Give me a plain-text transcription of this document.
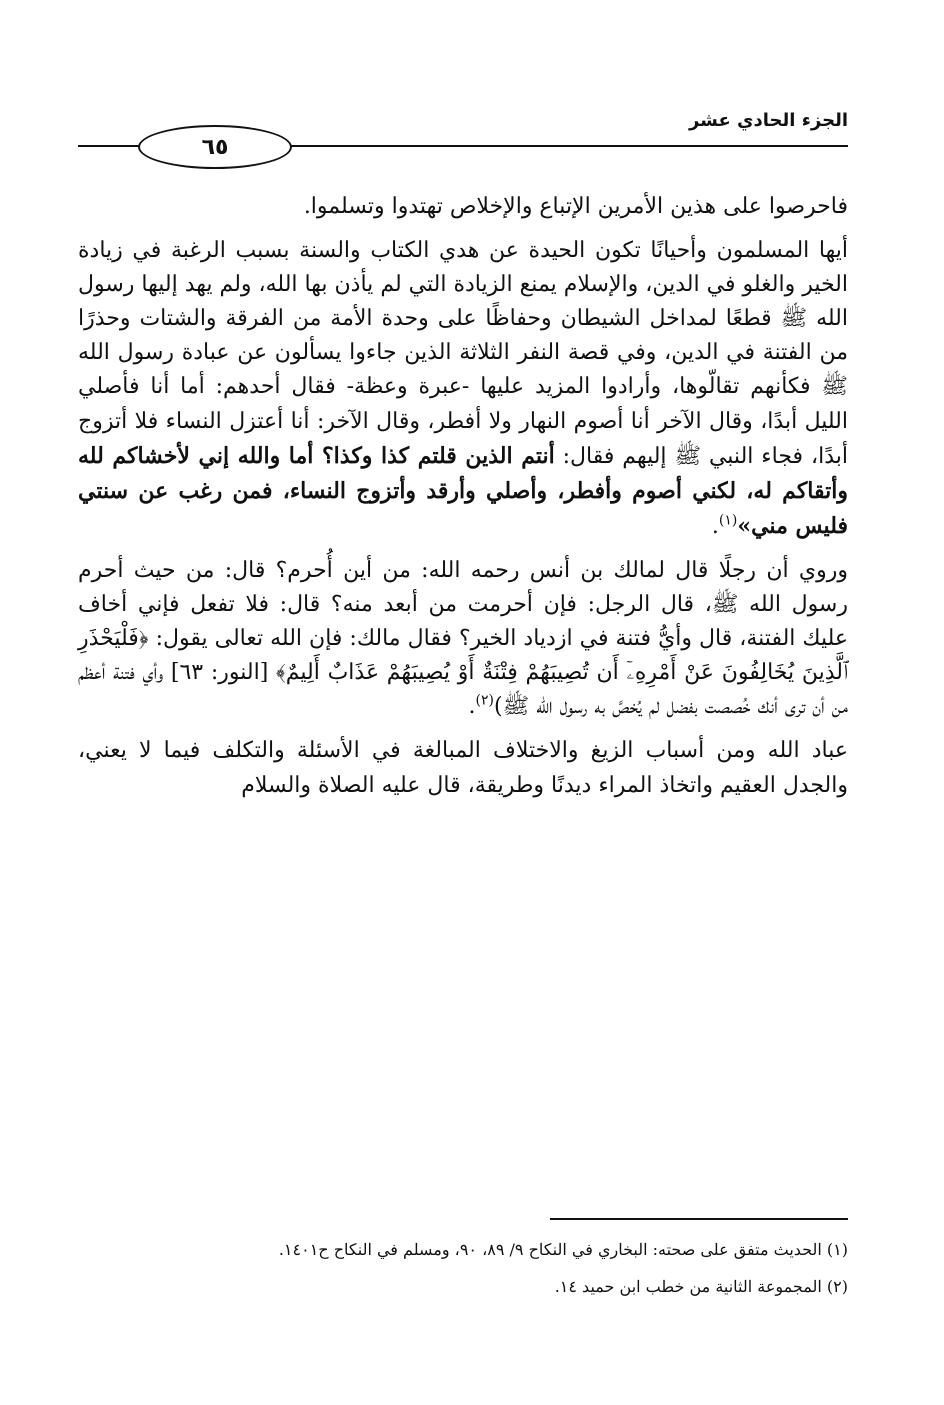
٦٥
الجزء الحادي عشر

فاحرصوا على هذين الأمرين الإتباع والإخلاص تهتدوا وتسلموا.

أيها المسلمون وأحيانًا تكون الحيدة عن هدي الكتاب والسنة بسبب الرغبة في زيادة الخير والغلو في الدين، والإسلام يمنع الزيادة التي لم يأذن بها الله، ولم يهد إليها رسول الله ﷺ قطعًا لمداخل الشيطان وحفاظًا على وحدة الأمة من الفرقة والشتات وحذرًا من الفتنة في الدين، وفي قصة النفر الثلاثة الذين جاءوا يسألون عن عبادة رسول الله ﷺ فكأنهم تقالّوها، وأرادوا المزيد عليها -عبرة وعظة- فقال أحدهم: أما أنا فأصلي الليل أبدًا، وقال الآخر أنا أصوم النهار ولا أفطر، وقال الآخر: أنا أعتزل النساء فلا أتزوج أبدًا، فجاء النبي ﷺ إليهم فقال: أنتم الذين قلتم كذا وكذا؟ أما والله إني لأخشاكم لله وأتقاكم له، لكني أصوم وأفطر، وأصلي وأرقد وأتزوج النساء، فمن رغب عن سنتي فليس مني»$^{(١)}$.

وروي أن رجلًا قال لمالك بن أنس رحمه الله: من أين أُحرم؟ قال: من حيث أحرم رسول الله ﷺ، قال الرجل: فإن أحرمت من أبعد منه؟ قال: فلا تفعل فإني أخاف عليك الفتنة، قال وأيُّ فتنة في ازدياد الخير؟ فقال مالك: فإن الله تعالى يقول: ﴿فَلْيَحْذَرِ ٱلَّذِينَ يُخَالِفُونَ عَنْ أَمْرِهِۦٓ أَن تُصِيبَهُمْ فِتْنَةٌ أَوْ يُصِيبَهُمْ عَذَابٌ أَلِيمٌ﴾ [النور: ٦٣] وأي فتنة أعظم من أن ترى أنك خُصصت بفضل لم يُخصَّ به رسول الله ﷺ)$^{(٢)}$.

عباد الله ومن أسباب الزيغ والاختلاف المبالغة في الأسئلة والتكلف فيما لا يعني، والجدل العقيم واتخاذ المراء ديدنًا وطريقة، قال عليه الصلاة والسلام

(١) الحديث متفق على صحته: البخاري في النكاح ٩/ ٨٩، ٩٠، ومسلم في النكاح ح١٤٠١.
(٢) المجموعة الثانية من خطب ابن حميد ١٤.
